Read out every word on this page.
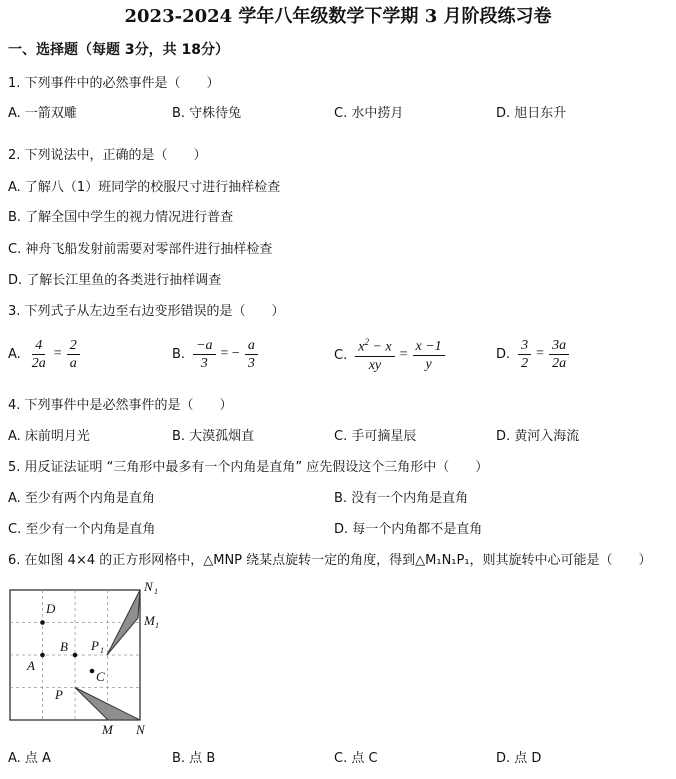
2023-2024 学年八年级数学下学期 3 月阶段练习卷
一、选择题（每题 3分，共 18分）
1. 下列事件中的必然事件是（　　）
A. 一箭双雕	B. 守株待兔	C. 水中捞月	D. 旭日东升
2. 下列说法中，正确的是（　　）
A. 了解八（1）班同学的校服尺寸进行抽样检查
B. 了解全国中学生的视力情况进行普查
C. 神舟飞船发射前需要对零部件进行抽样检查
D. 了解长江里鱼的各类进行抽样调查
3. 下列式子从左边至右边变形错误的是（　　）
A. $\frac{4}{2a} = \frac{2}{a}$	B. $\frac{-a}{3}$ = − $\frac{a}{3}$	C. $\frac{x^2 - x}{xy} = \frac{x -1}{y}$	D. $\frac{3}{2} = \frac{3a}{2a}$
4. 下列事件中是必然事件的是（　　）
A. 床前明月光	B. 大漠孤烟直	C. 手可摘星辰	D. 黄河入海流
5. 用反证法证明 “三角形中最多有一个内角是直角” 应先假设这个三角形中（　　）
A. 至少有两个内角是直角	B. 没有一个内角是直角
C. 至少有一个内角是直角	D. 每一个内角都不是直角
6. 在如图 4×4 的正方形网格中，△MNP 绕某点旋转一定的角度，得到△M₁N₁P₁，则其旋转中心可能是（　　）
D
A
B
C
P 1
N 1
M 1
P
M N
A. 点 A	B. 点 B	C. 点 C	D. 点 D
